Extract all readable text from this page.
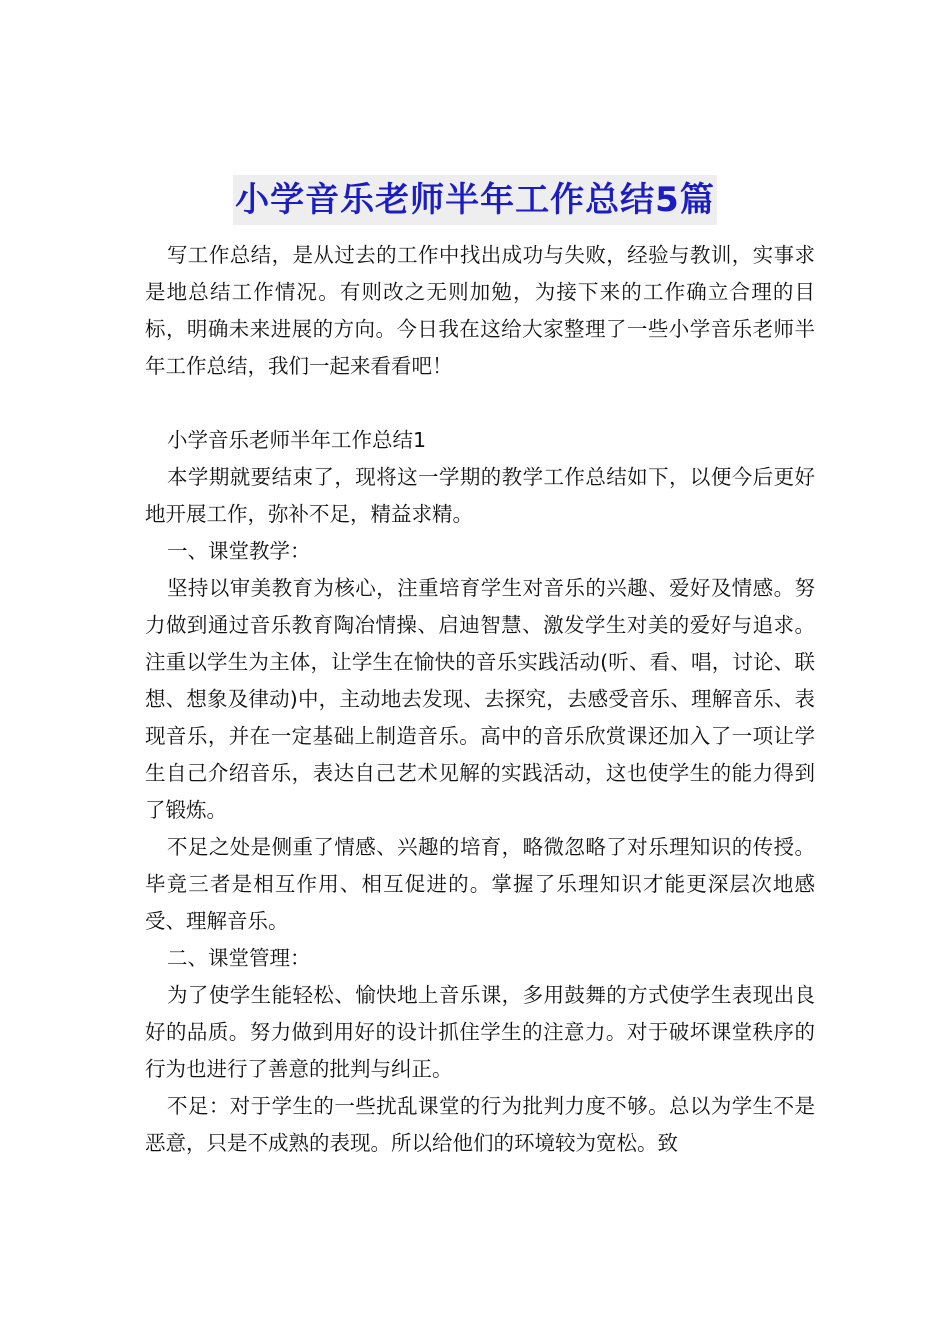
小学音乐老师半年工作总结5篇

写工作总结，是从过去的工作中找出成功与失败，经验与教训，实事求是地总结工作情况。有则改之无则加勉，为接下来的工作确立合理的目标，明确未来进展的方向。今日我在这给大家整理了一些小学音乐老师半年工作总结，我们一起来看看吧！

小学音乐老师半年工作总结1

本学期就要结束了，现将这一学期的教学工作总结如下，以便今后更好地开展工作，弥补不足，精益求精。

一、课堂教学：

坚持以审美教育为核心，注重培育学生对音乐的兴趣、爱好及情感。努力做到通过音乐教育陶冶情操、启迪智慧、激发学生对美的爱好与追求。注重以学生为主体，让学生在愉快的音乐实践活动(听、看、唱，讨论、联想、想象及律动)中，主动地去发现、去探究，去感受音乐、理解音乐、表现音乐，并在一定基础上制造音乐。高中的音乐欣赏课还加入了一项让学生自己介绍音乐，表达自己艺术见解的实践活动，这也使学生的能力得到了锻炼。

不足之处是侧重了情感、兴趣的培育，略微忽略了对乐理知识的传授。毕竟三者是相互作用、相互促进的。掌握了乐理知识才能更深层次地感受、理解音乐。

二、课堂管理：

为了使学生能轻松、愉快地上音乐课，多用鼓舞的方式使学生表现出良好的品质。努力做到用好的设计抓住学生的注意力。对于破坏课堂秩序的行为也进行了善意的批判与纠正。

不足：对于学生的一些扰乱课堂的行为批判力度不够。总以为学生不是恶意，只是不成熟的表现。所以给他们的环境较为宽松。致
